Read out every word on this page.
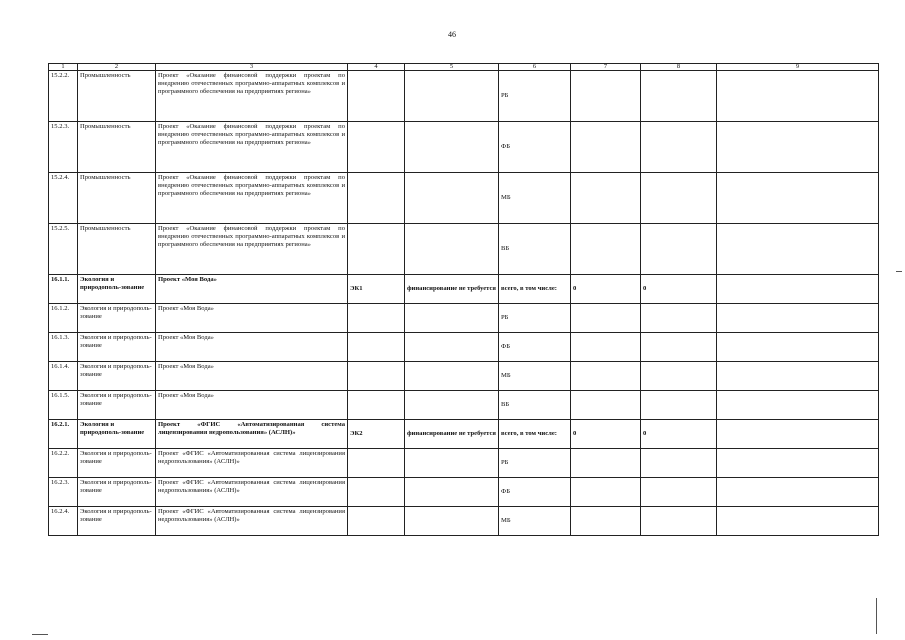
46
1	2	3	4	5	6	7	8	9
15.2.2.	Промышленность	Проект «Оказание финансовой поддержки проектам по внедрению отечественных программно-аппаратных комплексов и программного обеспечения на предприятиях региона»			РБ			
15.2.3.	Промышленность	Проект «Оказание финансовой поддержки проектам по внедрению отечественных программно-аппаратных комплексов и программного обеспечения на предприятиях региона»			ФБ			
15.2.4.	Промышленность	Проект «Оказание финансовой поддержки проектам по внедрению отечественных программно-аппаратных комплексов и программного обеспечения на предприятиях региона»			МБ			
15.2.5.	Промышленность	Проект «Оказание финансовой поддержки проектам по внедрению отечественных программно-аппаратных комплексов и программного обеспечения на предприятиях региона»			ВБ			
16.1.1.	Экология и природополь-зование	Проект «Моя Вода»	ЭК1	финансирование не требуется	всего, в том числе:	0	0	
16.1.2.	Экология и природополь-зование	Проект «Моя Вода»			РБ			
16.1.3.	Экология и природополь-зование	Проект «Моя Вода»			ФБ			
16.1.4.	Экология и природополь-зование	Проект «Моя Вода»			МБ			
16.1.5.	Экология и природополь-зование	Проект «Моя Вода»			ВБ			
16.2.1.	Экология и природополь-зование	Проект «ФГИС «Автоматизированная система лицензирования недропользования» (АСЛН)»	ЭК2	финансирование не требуется	всего, в том числе:	0	0	
16.2.2.	Экология и природополь-зование	Проект «ФГИС «Автоматизированная система лицензирования недропользования» (АСЛН)»			РБ			
16.2.3.	Экология и природополь-зование	Проект «ФГИС «Автоматизированная система лицензирования недропользования» (АСЛН)»			ФБ			
16.2.4.	Экология и природополь-зование	Проект «ФГИС «Автоматизированная система лицензирования недропользования» (АСЛН)»			МБ			
